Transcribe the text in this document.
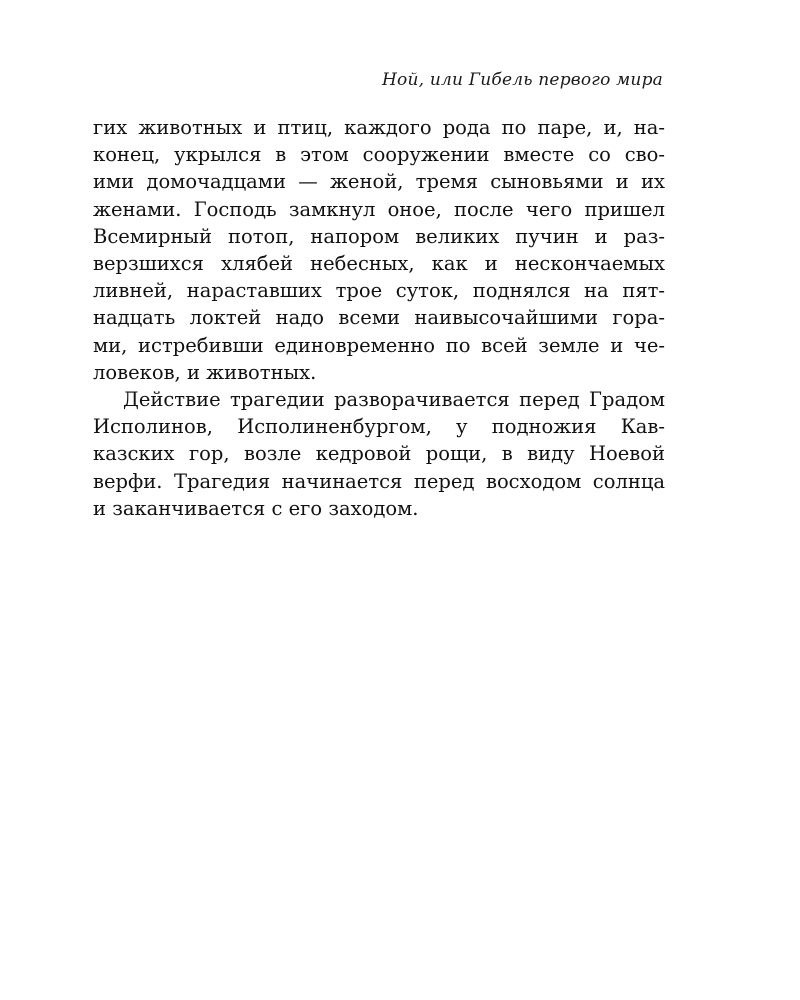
Ной, или Гибель первого мира
гих животных и птиц, каждого рода по паре, и, на-
конец, укрылся в этом сооружении вместе со сво-
ими домочадцами — женой, тремя сыновьями и их
женами. Господь замкнул оное, после чего пришел
Всемирный потоп, напором великих пучин и раз-
верзшихся хлябей небесных, как и нескончаемых
ливней, нараставших трое суток, поднялся на пят-
надцать локтей надо всеми наивысочайшими гора-
ми, истребивши единовременно по всей земле и че-
ловеков, и животных.
Действие трагедии разворачивается перед Градом
Исполинов, Исполиненбургом, у подножия Кав-
казских гор, возле кедровой рощи, в виду Ноевой
верфи. Трагедия начинается перед восходом солнца
и заканчивается с его заходом.
